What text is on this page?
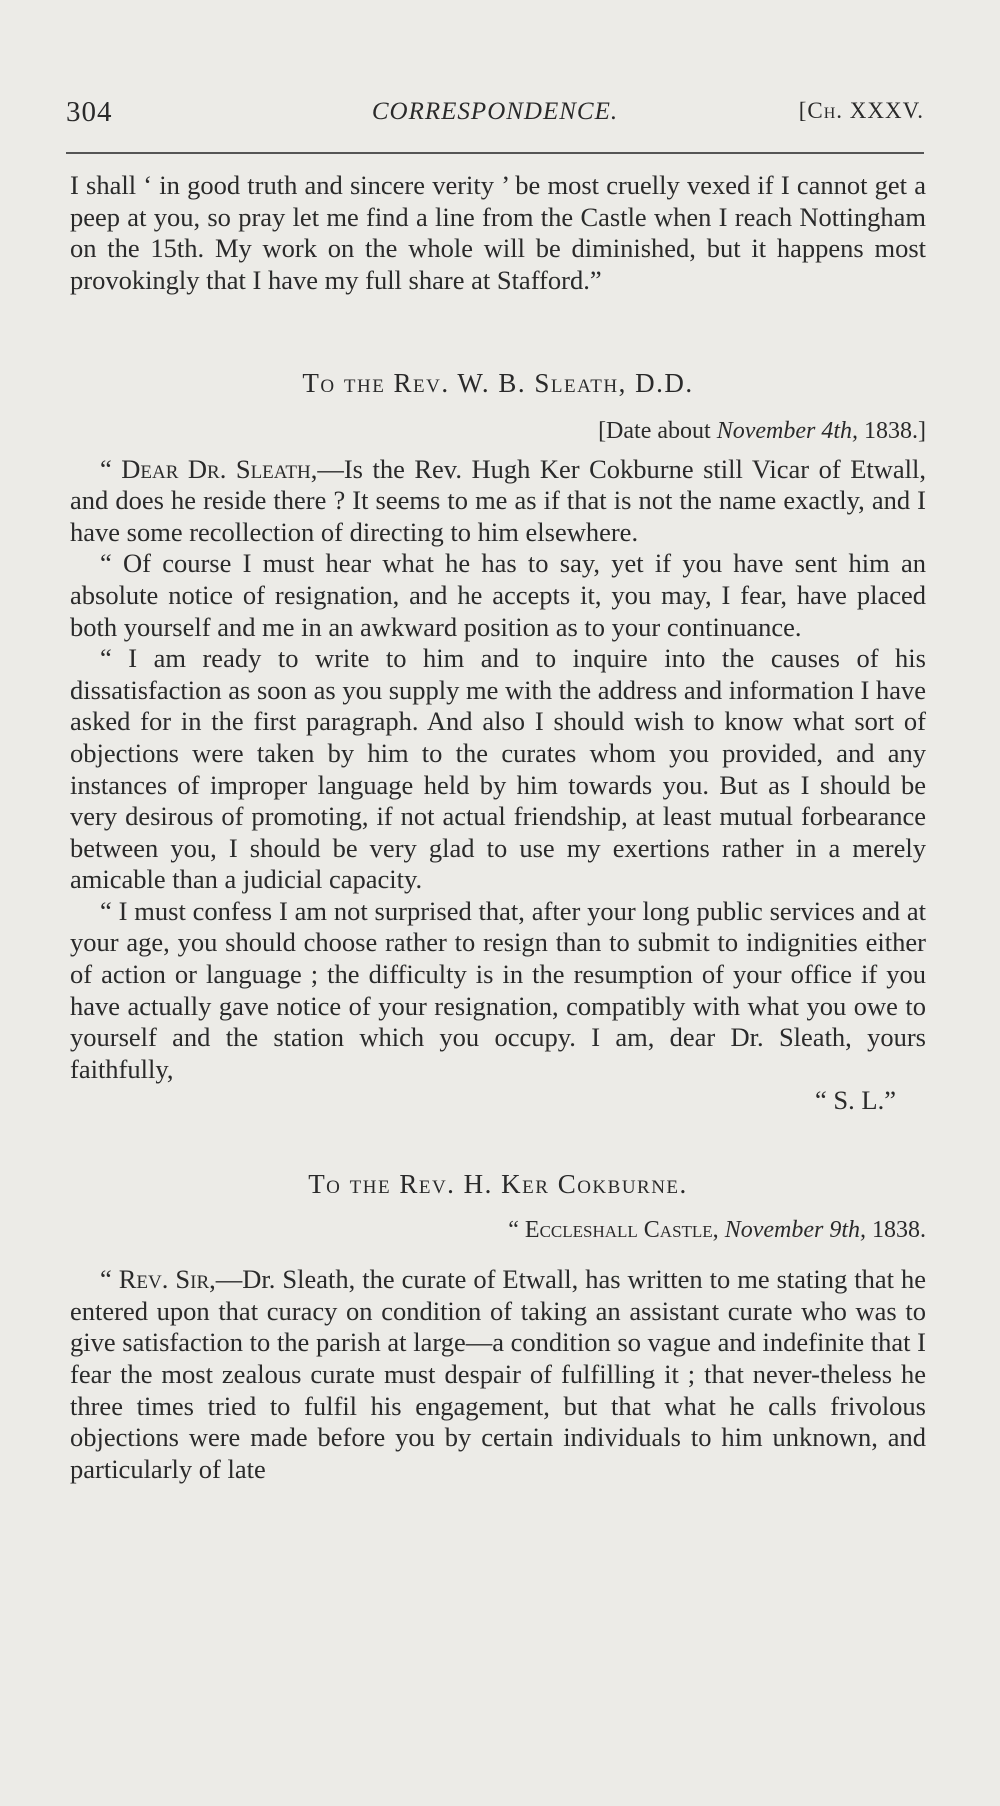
304	CORRESPONDENCE.	[Ch. XXXV.

I shall ‘ in good truth and sincere verity ’ be most cruelly vexed if I cannot get a peep at you, so pray let me find a line from the Castle when I reach Nottingham on the 15th. My work on the whole will be diminished, but it happens most provokingly that I have my full share at Stafford.”

To the Rev. W. B. Sleath, D.D.

[Date about November 4th, 1838.]

“ Dear Dr. Sleath,—Is the Rev. Hugh Ker Cokburne still Vicar of Etwall, and does he reside there ? It seems to me as if that is not the name exactly, and I have some recollection of directing to him elsewhere.

“ Of course I must hear what he has to say, yet if you have sent him an absolute notice of resignation, and he accepts it, you may, I fear, have placed both yourself and me in an awkward position as to your continuance.

“ I am ready to write to him and to inquire into the causes of his dissatisfaction as soon as you supply me with the address and information I have asked for in the first paragraph. And also I should wish to know what sort of objections were taken by him to the curates whom you provided, and any instances of improper language held by him towards you. But as I should be very desirous of promoting, if not actual friendship, at least mutual forbearance between you, I should be very glad to use my exertions rather in a merely amicable than a judicial capacity.

“ I must confess I am not surprised that, after your long public services and at your age, you should choose rather to resign than to submit to indignities either of action or language ; the difficulty is in the resumption of your office if you have actually gave notice of your resignation, compatibly with what you owe to yourself and the station which you occupy. I am, dear Dr. Sleath, yours faithfully,

“ S. L.”

To the Rev. H. Ker Cokburne.

“ Eccleshall Castle, November 9th, 1838.

“ Rev. Sir,—Dr. Sleath, the curate of Etwall, has written to me stating that he entered upon that curacy on condition of taking an assistant curate who was to give satisfaction to the parish at large—a condition so vague and indefinite that I fear the most zealous curate must despair of fulfilling it ; that never-theless he three times tried to fulfil his engagement, but that what he calls frivolous objections were made before you by certain individuals to him unknown, and particularly of late
